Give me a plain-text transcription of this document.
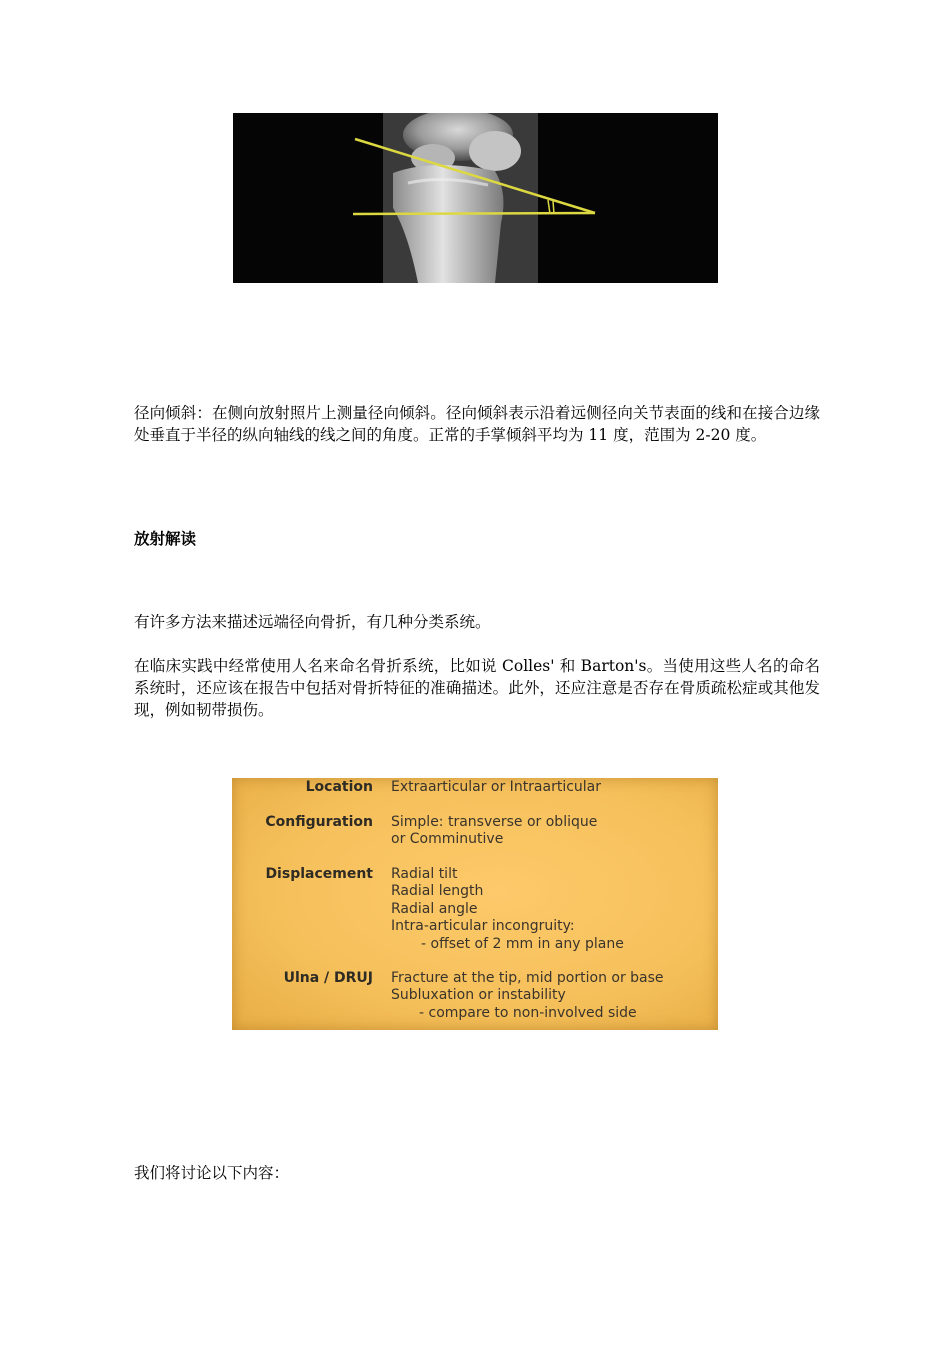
径向倾斜：在侧向放射照片上测量径向倾斜。径向倾斜表示沿着远侧径向关节表面的线和在接合边缘处垂直于半径的纵向轴线的线之间的角度。正常的手掌倾斜平均为 11 度，范围为 2-20 度。

放射解读

有许多方法来描述远端径向骨折，有几种分类系统。

在临床实践中经常使用人名来命名骨折系统，比如说 Colles' 和 Barton's。当使用这些人名的命名系统时，还应该在报告中包括对骨折特征的准确描述。此外，还应注意是否存在骨质疏松症或其他发现，例如韧带损伤。

Location Extraarticular or Intraarticular
Configuration Simple: transverse or oblique
or Comminutive
Displacement Radial tilt
Radial length
Radial angle
Intra-articular incongruity:
- offset of 2 mm in any plane
Ulna / DRUJ Fracture at the tip, mid portion or base
Subluxation or instability
- compare to non-involved side

我们将讨论以下内容：
